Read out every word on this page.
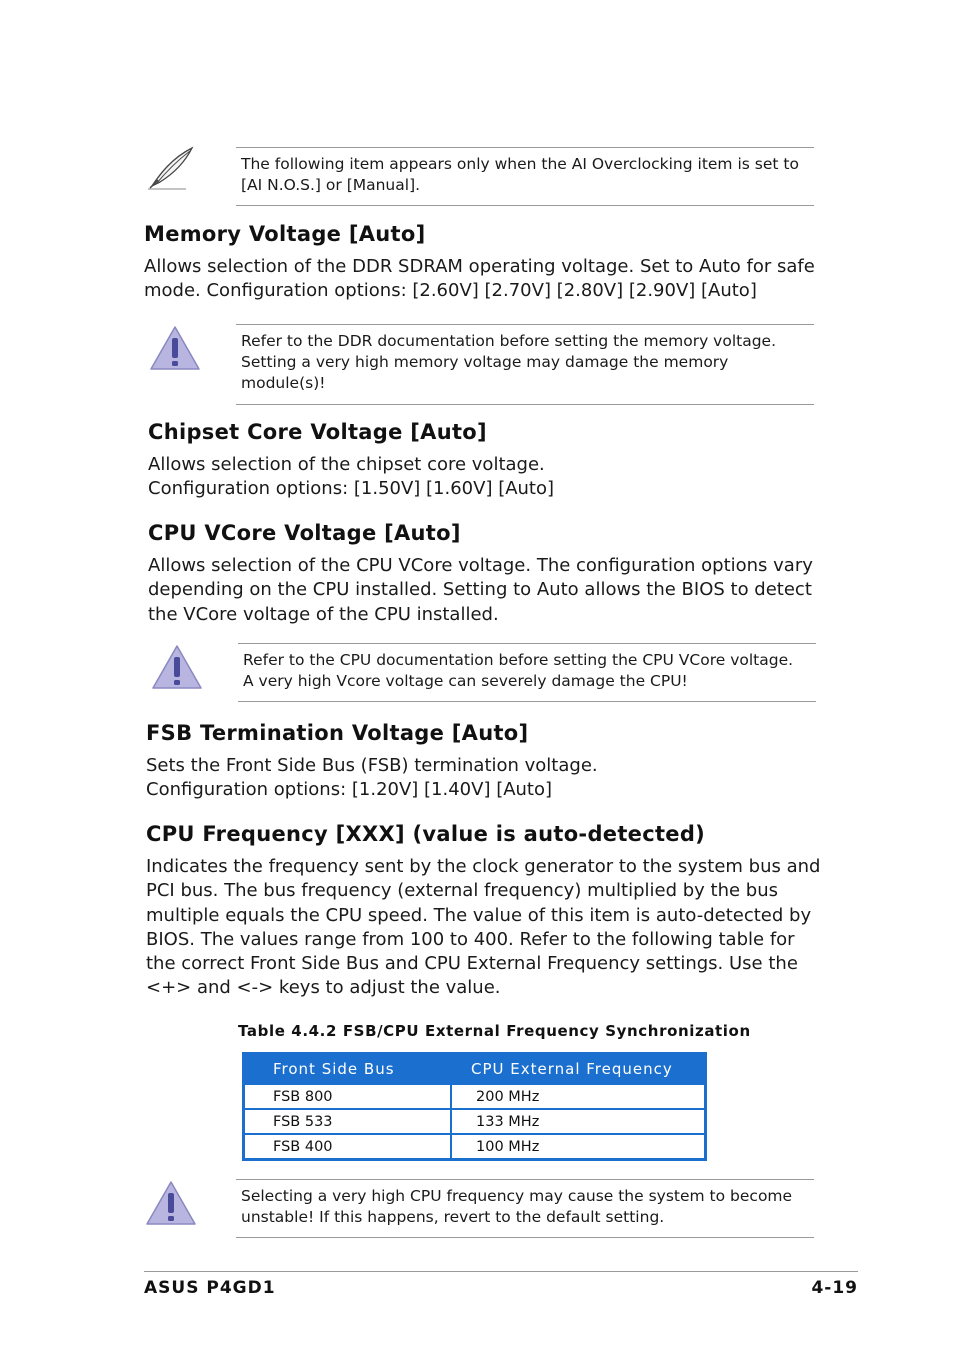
The following item appears only when the AI Overclocking item is set to
[AI N.O.S.] or [Manual].
Memory Voltage [Auto]
Allows selection of the DDR SDRAM operating voltage. Set to Auto for safe
mode. Configuration options: [2.60V] [2.70V] [2.80V] [2.90V] [Auto]
Refer to the DDR documentation before setting the memory voltage.
Setting a very high memory voltage may damage the memory
module(s)!
Chipset Core Voltage [Auto]
Allows selection of the chipset core voltage.
Configuration options: [1.50V] [1.60V] [Auto]
CPU VCore Voltage [Auto]
Allows selection of the CPU VCore voltage. The configuration options vary
depending on the CPU installed. Setting to Auto allows the BIOS to detect
the VCore voltage of the CPU installed.
Refer to the CPU documentation before setting the CPU VCore voltage.
A very high Vcore voltage can severely damage the CPU!
FSB Termination Voltage [Auto]
Sets the Front Side Bus (FSB) termination voltage.
Configuration options: [1.20V] [1.40V] [Auto]
CPU Frequency [XXX] (value is auto-detected)
Indicates the frequency sent by the clock generator to the system bus and
PCI bus. The bus frequency (external frequency) multiplied by the bus
multiple equals the CPU speed. The value of this item is auto-detected by
BIOS. The values range from 100 to 400. Refer to the following table for
the correct Front Side Bus and CPU External Frequency settings. Use the
<+> and <-> keys to adjust the value.
Table 4.4.2 FSB/CPU External Frequency Synchronization
Front Side Bus	CPU External Frequency
FSB 800	200 MHz
FSB 533	133 MHz
FSB 400	100 MHz
Selecting a very high CPU frequency may cause the system to become
unstable! If this happens, revert to the default setting.
ASUS P4GD1	4-19
